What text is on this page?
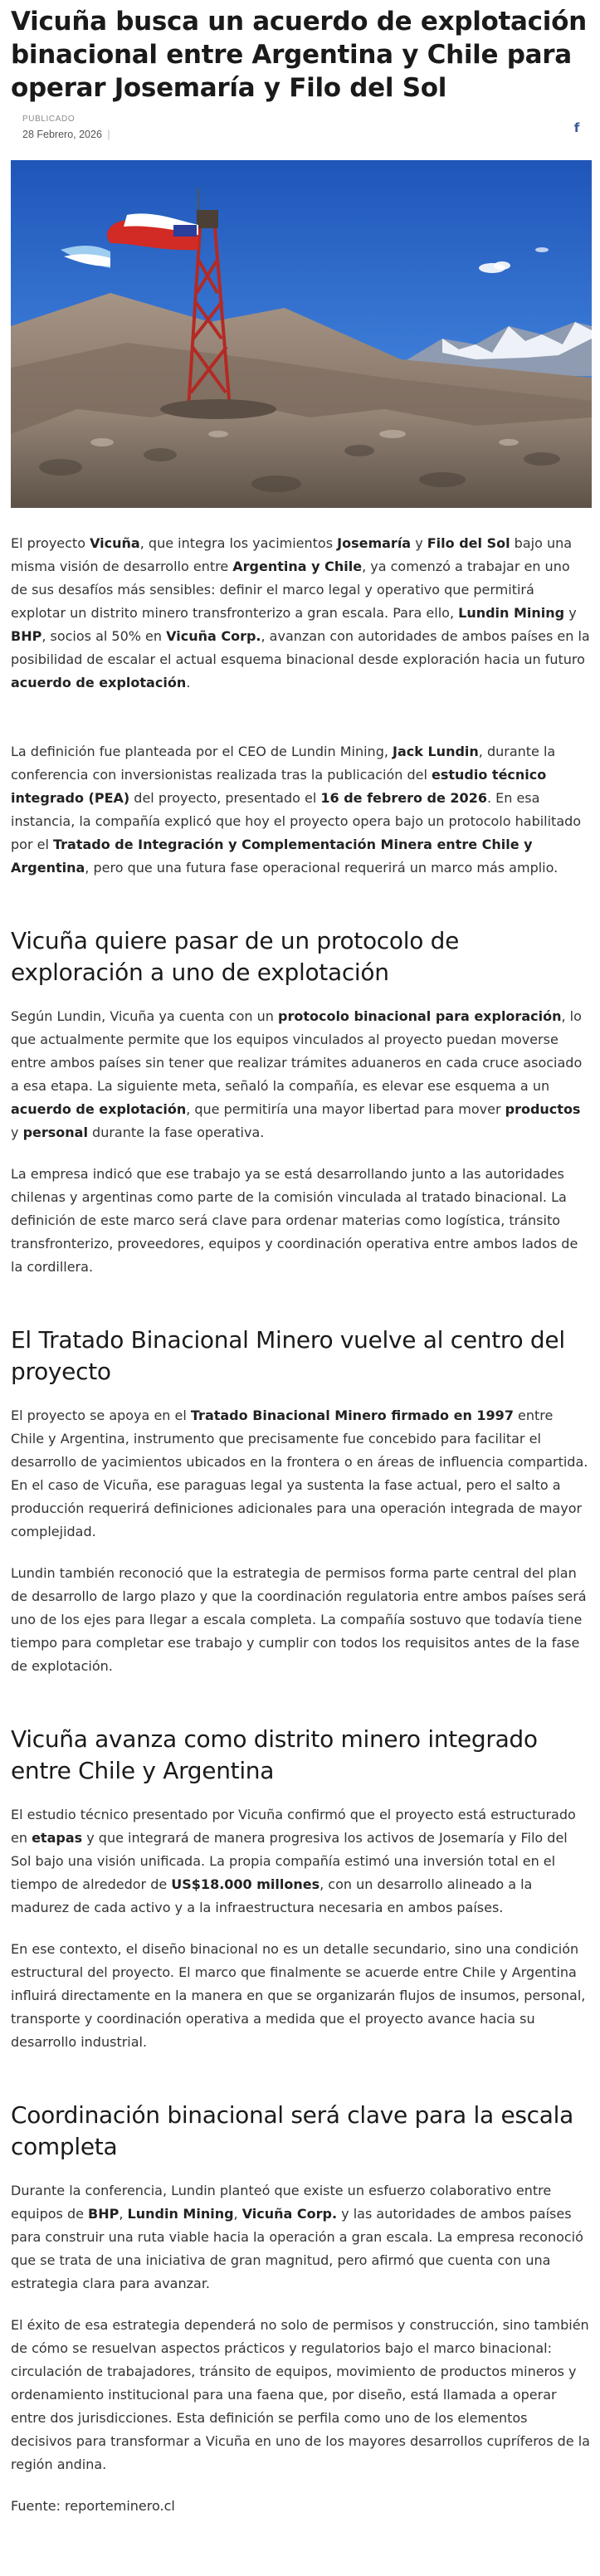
Vicuña busca un acuerdo de explotación binacional entre Argentina y Chile para operar Josemaría y Filo del Sol
PUBLICADO
28 Febrero, 2026 |	f

El proyecto Vicuña, que integra los yacimientos Josemaría y Filo del Sol bajo una misma visión de desarrollo entre Argentina y Chile, ya comenzó a trabajar en uno de sus desafíos más sensibles: definir el marco legal y operativo que permitirá explotar un distrito minero transfronterizo a gran escala. Para ello, Lundin Mining y BHP, socios al 50% en Vicuña Corp., avanzan con autoridades de ambos países en la posibilidad de escalar el actual esquema binacional desde exploración hacia un futuro acuerdo de explotación.

La definición fue planteada por el CEO de Lundin Mining, Jack Lundin, durante la conferencia con inversionistas realizada tras la publicación del estudio técnico integrado (PEA) del proyecto, presentado el 16 de febrero de 2026. En esa instancia, la compañía explicó que hoy el proyecto opera bajo un protocolo habilitado por el Tratado de Integración y Complementación Minera entre Chile y Argentina, pero que una futura fase operacional requerirá un marco más amplio.

Vicuña quiere pasar de un protocolo de exploración a uno de explotación

Según Lundin, Vicuña ya cuenta con un protocolo binacional para exploración, lo que actualmente permite que los equipos vinculados al proyecto puedan moverse entre ambos países sin tener que realizar trámites aduaneros en cada cruce asociado a esa etapa. La siguiente meta, señaló la compañía, es elevar ese esquema a un acuerdo de explotación, que permitiría una mayor libertad para mover productos y personal durante la fase operativa.

La empresa indicó que ese trabajo ya se está desarrollando junto a las autoridades chilenas y argentinas como parte de la comisión vinculada al tratado binacional. La definición de este marco será clave para ordenar materias como logística, tránsito transfronterizo, proveedores, equipos y coordinación operativa entre ambos lados de la cordillera.

El Tratado Binacional Minero vuelve al centro del proyecto

El proyecto se apoya en el Tratado Binacional Minero firmado en 1997 entre Chile y Argentina, instrumento que precisamente fue concebido para facilitar el desarrollo de yacimientos ubicados en la frontera o en áreas de influencia compartida. En el caso de Vicuña, ese paraguas legal ya sustenta la fase actual, pero el salto a producción requerirá definiciones adicionales para una operación integrada de mayor complejidad.

Lundin también reconoció que la estrategia de permisos forma parte central del plan de desarrollo de largo plazo y que la coordinación regulatoria entre ambos países será uno de los ejes para llegar a escala completa. La compañía sostuvo que todavía tiene tiempo para completar ese trabajo y cumplir con todos los requisitos antes de la fase de explotación.

Vicuña avanza como distrito minero integrado entre Chile y Argentina

El estudio técnico presentado por Vicuña confirmó que el proyecto está estructurado en etapas y que integrará de manera progresiva los activos de Josemaría y Filo del Sol bajo una visión unificada. La propia compañía estimó una inversión total en el tiempo de alrededor de US$18.000 millones, con un desarrollo alineado a la madurez de cada activo y a la infraestructura necesaria en ambos países.

En ese contexto, el diseño binacional no es un detalle secundario, sino una condición estructural del proyecto. El marco que finalmente se acuerde entre Chile y Argentina influirá directamente en la manera en que se organizarán flujos de insumos, personal, transporte y coordinación operativa a medida que el proyecto avance hacia su desarrollo industrial.

Coordinación binacional será clave para la escala completa

Durante la conferencia, Lundin planteó que existe un esfuerzo colaborativo entre equipos de BHP, Lundin Mining, Vicuña Corp. y las autoridades de ambos países para construir una ruta viable hacia la operación a gran escala. La empresa reconoció que se trata de una iniciativa de gran magnitud, pero afirmó que cuenta con una estrategia clara para avanzar.

El éxito de esa estrategia dependerá no solo de permisos y construcción, sino también de cómo se resuelvan aspectos prácticos y regulatorios bajo el marco binacional: circulación de trabajadores, tránsito de equipos, movimiento de productos mineros y ordenamiento institucional para una faena que, por diseño, está llamada a operar entre dos jurisdicciones. Esta definición se perfila como uno de los elementos decisivos para transformar a Vicuña en uno de los mayores desarrollos cupríferos de la región andina.

Fuente: reporteminero.cl
